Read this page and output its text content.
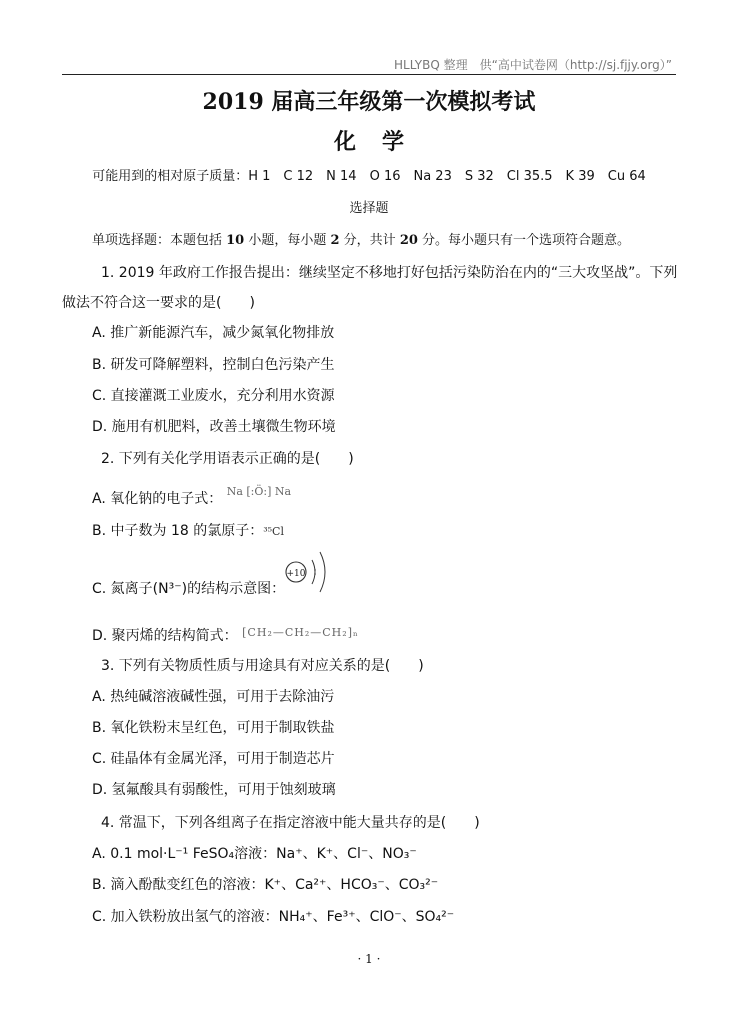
HLLYBQ 整理　供“高中试卷网（http://sj.fjjy.org）”
2019 届高三年级第一次模拟考试
化学
可能用到的相对原子质量：H 1　C 12　N 14　O 16　Na 23　S 32　Cl 35.5　K 39　Cu 64
选择题
单项选择题：本题包括 10 小题，每小题 2 分，共计 20 分。每小题只有一个选项符合题意。
1. 2019 年政府工作报告提出：继续坚定不移地打好包括污染防治在内的“三大攻坚战”。下列
做法不符合这一要求的是(　　)
A. 推广新能源汽车，减少氮氧化物排放
B. 研发可降解塑料，控制白色污染产生
C. 直接灌溉工业废水，充分利用水资源
D. 施用有机肥料，改善土壤微生物环境
2. 下列有关化学用语表示正确的是(　　)
A. 氧化钠的电子式： $^{Na [:Ö:] Na}$
B. 中子数为 18 的氯原子：³⁵Cl
C. 氮离子(N³⁻)的结构示意图：
+10
D. 聚丙烯的结构简式： $^{[CH_2—CH_2—CH_2]_n}$
3. 下列有关物质性质与用途具有对应关系的是(　　)
A. 热纯碱溶液碱性强，可用于去除油污
B. 氧化铁粉末呈红色，可用于制取铁盐
C. 硅晶体有金属光泽，可用于制造芯片
D. 氢氟酸具有弱酸性，可用于蚀刻玻璃
4. 常温下，下列各组离子在指定溶液中能大量共存的是(　　)
A. 0.1 mol·L⁻¹ FeSO₄溶液：Na⁺、K⁺、Cl⁻、NO₃⁻
B. 滴入酚酞变红色的溶液：K⁺、Ca²⁺、HCO₃⁻、CO₃²⁻
C. 加入铁粉放出氢气的溶液：NH₄⁺、Fe³⁺、ClO⁻、SO₄²⁻
· 1 ·
